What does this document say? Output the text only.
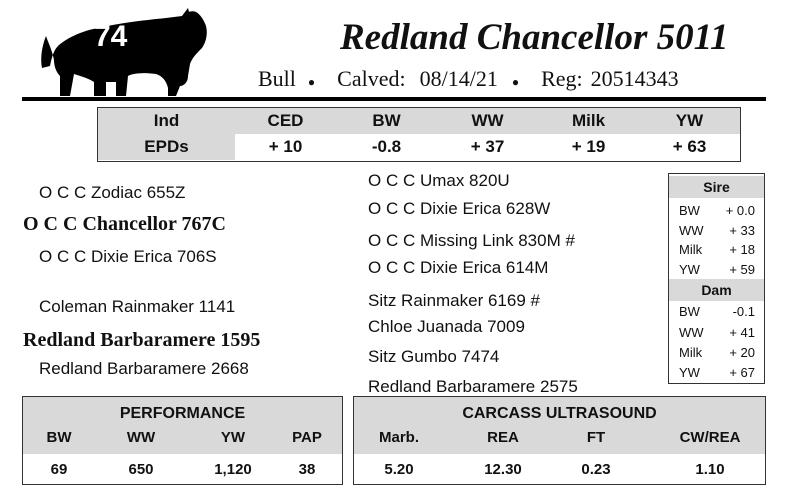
74	Redland Chancellor 5011
Bull ● Calved: 08/14/21 ● Reg: 20514343
Ind	CED	BW	WW	Milk	YW
EPDs	+ 10	-0.8	+ 37	+ 19	+ 63
O C C Zodiac 655Z
O C C Chancellor 767C
O C C Dixie Erica 706S
Coleman Rainmaker 1141
Redland Barbaramere 1595
Redland Barbaramere 2668
O C C Umax 820U
O C C Dixie Erica 628W
O C C Missing Link 830M #
O C C Dixie Erica 614M
Sitz Rainmaker 6169 #
Chloe Juanada 7009
Sitz Gumbo 7474
Redland Barbaramere 2575
Sire
BW	+ 0.0
WW	+ 33
Milk	+ 18
YW	+ 59
Dam
BW	-0.1
WW	+ 41
Milk	+ 20
YW	+ 67
PERFORMANCE
BW	WW	YW	PAP
69	650	1,120	38
CARCASS ULTRASOUND
Marb.	REA	FT	CW/REA
5.20	12.30	0.23	1.10
